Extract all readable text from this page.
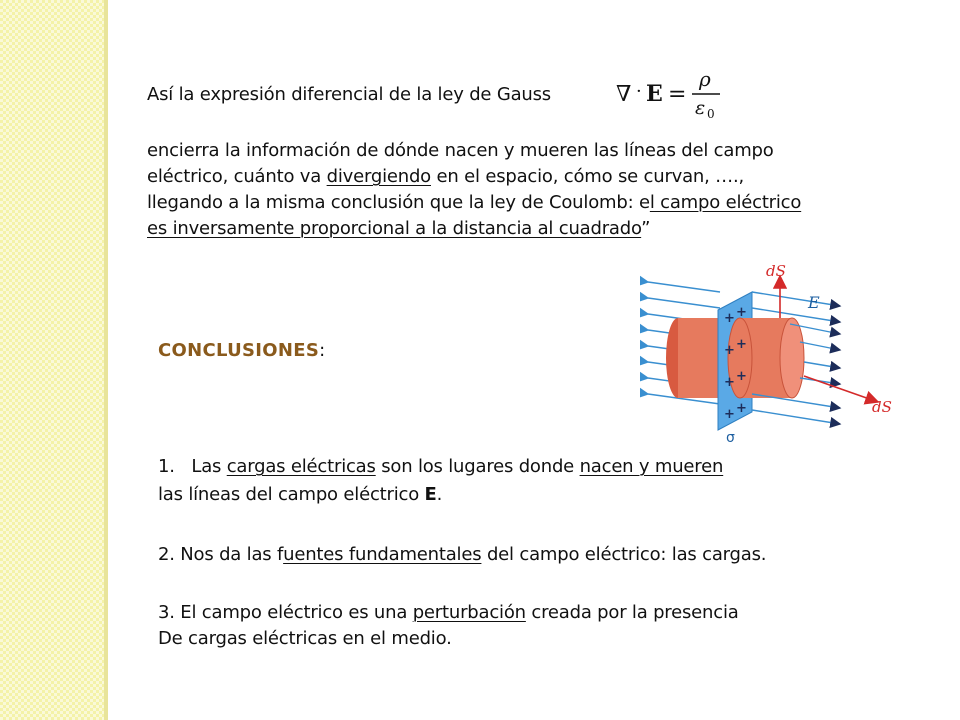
Así la expresión diferencial de la ley de Gauss	∇ · E =
ρ
ε 0
encierra la información de dónde nacen y mueren las líneas del campo
eléctrico, cuánto va divergiendo en el espacio, cómo se curvan, ….,
llegando a la misma conclusión que la ley de Coulomb: el campo eléctrico
es inversamente proporcional a la distancia al cuadrado”
+ +
+ +
+ +
+ +
dS
E
dS
σ
CONCLUSIONES:
1. Las cargas eléctricas son los lugares donde nacen y mueren
las líneas del campo eléctrico E.
2. Nos da las fuentes fundamentales del campo eléctrico: las cargas.
3. El campo eléctrico es una perturbación creada por la presencia
De cargas eléctricas en el medio.
